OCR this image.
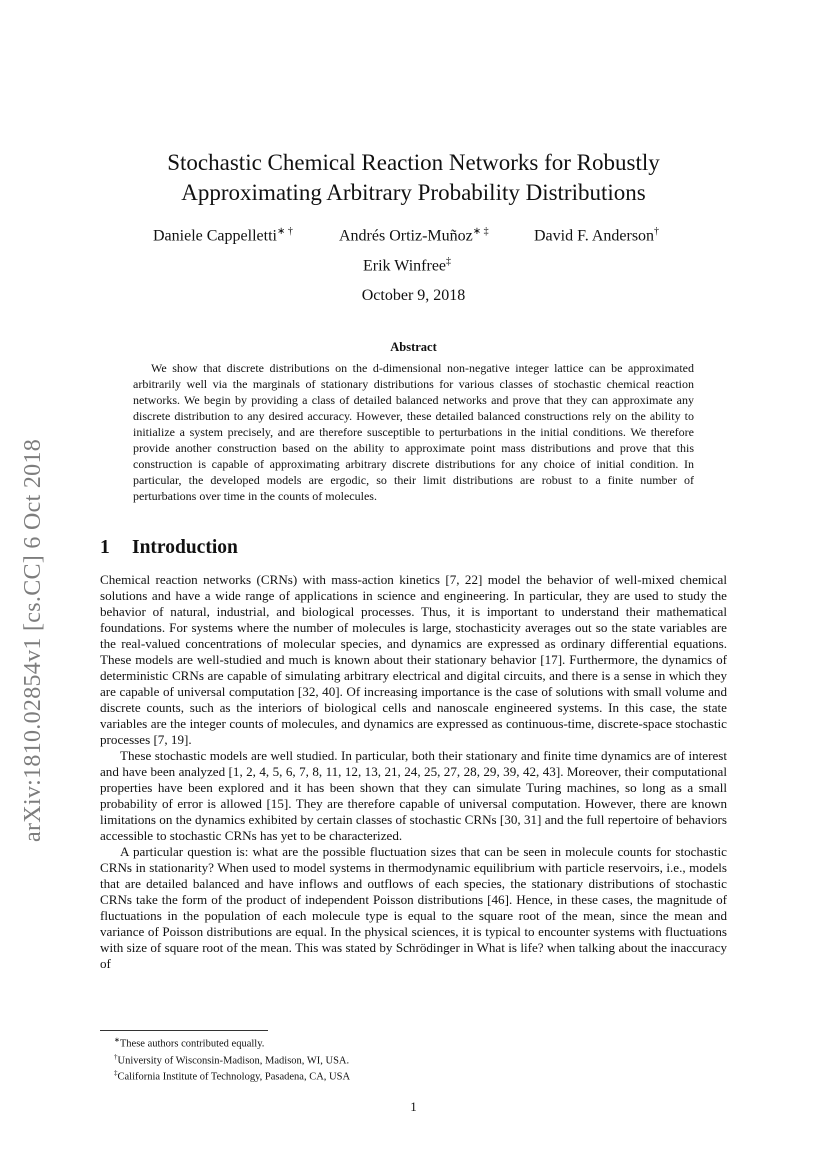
arXiv:1810.02854v1 [cs.CC] 6 Oct 2018
Stochastic Chemical Reaction Networks for Robustly
Approximating Arbitrary Probability Distributions
Daniele Cappelletti∗ †	Andrés Ortiz-Muñoz∗ ‡	David F. Anderson†
Erik Winfree‡
October 9, 2018
Abstract

We show that discrete distributions on the d-dimensional non-negative integer lattice can be approximated arbitrarily well via the marginals of stationary distributions for various classes of stochastic chemical reaction networks. We begin by providing a class of detailed balanced networks and prove that they can approximate any discrete distribution to any desired accuracy. However, these detailed balanced constructions rely on the ability to initialize a system precisely, and are therefore susceptible to perturbations in the initial conditions. We therefore provide another construction based on the ability to approximate point mass distributions and prove that this construction is capable of approximating arbitrary discrete distributions for any choice of initial condition. In particular, the developed models are ergodic, so their limit distributions are robust to a finite number of perturbations over time in the counts of molecules.

1 Introduction

Chemical reaction networks (CRNs) with mass-action kinetics [7, 22] model the behavior of well-mixed chemical solutions and have a wide range of applications in science and engineering. In particular, they are used to study the behavior of natural, industrial, and biological processes. Thus, it is important to understand their mathematical foundations. For systems where the number of molecules is large, stochasticity averages out so the state variables are the real-valued concentrations of molecular species, and dynamics are expressed as ordinary differential equations. These models are well-studied and much is known about their stationary behavior [17]. Furthermore, the dynamics of deterministic CRNs are capable of simulating arbitrary electrical and digital circuits, and there is a sense in which they are capable of universal computation [32, 40]. Of increasing importance is the case of solutions with small volume and discrete counts, such as the interiors of biological cells and nanoscale engineered systems. In this case, the state variables are the integer counts of molecules, and dynamics are expressed as continuous-time, discrete-space stochastic processes [7, 19].

These stochastic models are well studied. In particular, both their stationary and finite time dynamics are of interest and have been analyzed [1, 2, 4, 5, 6, 7, 8, 11, 12, 13, 21, 24, 25, 27, 28, 29, 39, 42, 43]. Moreover, their computational properties have been explored and it has been shown that they can simulate Turing machines, so long as a small probability of error is allowed [15]. They are therefore capable of universal computation. However, there are known limitations on the dynamics exhibited by certain classes of stochastic CRNs [30, 31] and the full repertoire of behaviors accessible to stochastic CRNs has yet to be characterized.

A particular question is: what are the possible fluctuation sizes that can be seen in molecule counts for stochastic CRNs in stationarity? When used to model systems in thermodynamic equilibrium with particle reservoirs, i.e., models that are detailed balanced and have inflows and outflows of each species, the stationary distributions of stochastic CRNs take the form of the product of independent Poisson distributions [46]. Hence, in these cases, the magnitude of fluctuations in the population of each molecule type is equal to the square root of the mean, since the mean and variance of Poisson distributions are equal. In the physical sciences, it is typical to encounter systems with fluctuations with size of square root of the mean. This was stated by Schrödinger in What is life? when talking about the inaccuracy of

∗These authors contributed equally.
†University of Wisconsin-Madison, Madison, WI, USA.
‡California Institute of Technology, Pasadena, CA, USA
1
